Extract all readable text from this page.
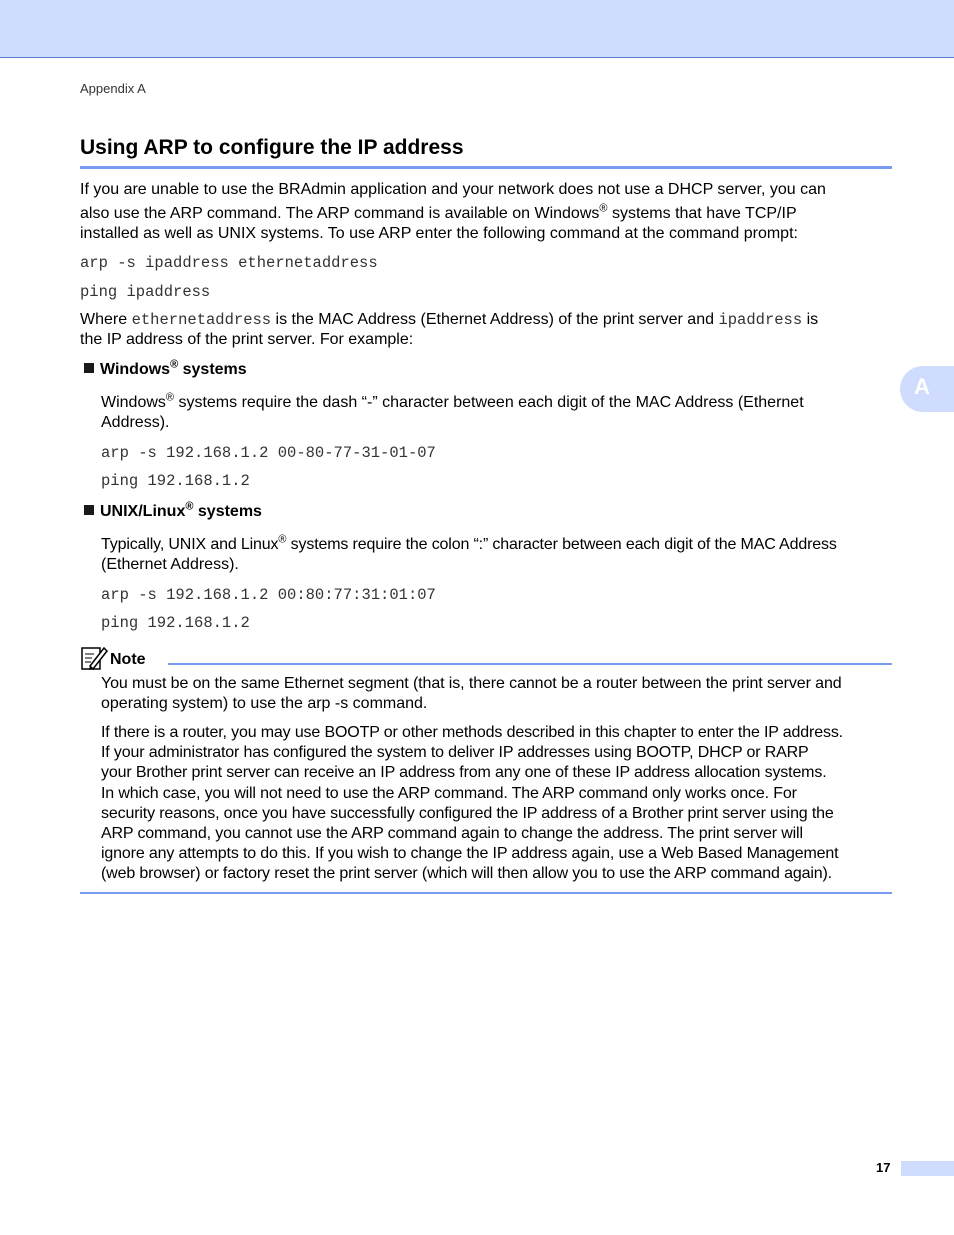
Appendix A
A
Using ARP to configure the IP address
If you are unable to use the BRAdmin application and your network does not use a DHCP server, you can
also use the ARP command. The ARP command is available on Windows® systems that have TCP/IP
installed as well as UNIX systems. To use ARP enter the following command at the command prompt:
arp -s ipaddress ethernetaddress
ping ipaddress
Where ethernetaddress is the MAC Address (Ethernet Address) of the print server and ipaddress is
the IP address of the print server. For example:
Windows® systems
Windows® systems require the dash “-” character between each digit of the MAC Address (Ethernet
Address).
arp -s 192.168.1.2 00-80-77-31-01-07
ping 192.168.1.2
UNIX/Linux® systems
Typically, UNIX and Linux® systems require the colon “:” character between each digit of the MAC Address
(Ethernet Address).
arp -s 192.168.1.2 00:80:77:31:01:07
ping 192.168.1.2
Note
You must be on the same Ethernet segment (that is, there cannot be a router between the print server and
operating system) to use the arp -s command.
If there is a router, you may use BOOTP or other methods described in this chapter to enter the IP address.
If your administrator has configured the system to deliver IP addresses using BOOTP, DHCP or RARP
your Brother print server can receive an IP address from any one of these IP address allocation systems.
In which case, you will not need to use the ARP command. The ARP command only works once. For
security reasons, once you have successfully configured the IP address of a Brother print server using the
ARP command, you cannot use the ARP command again to change the address. The print server will
ignore any attempts to do this. If you wish to change the IP address again, use a Web Based Management
(web browser) or factory reset the print server (which will then allow you to use the ARP command again).
17
